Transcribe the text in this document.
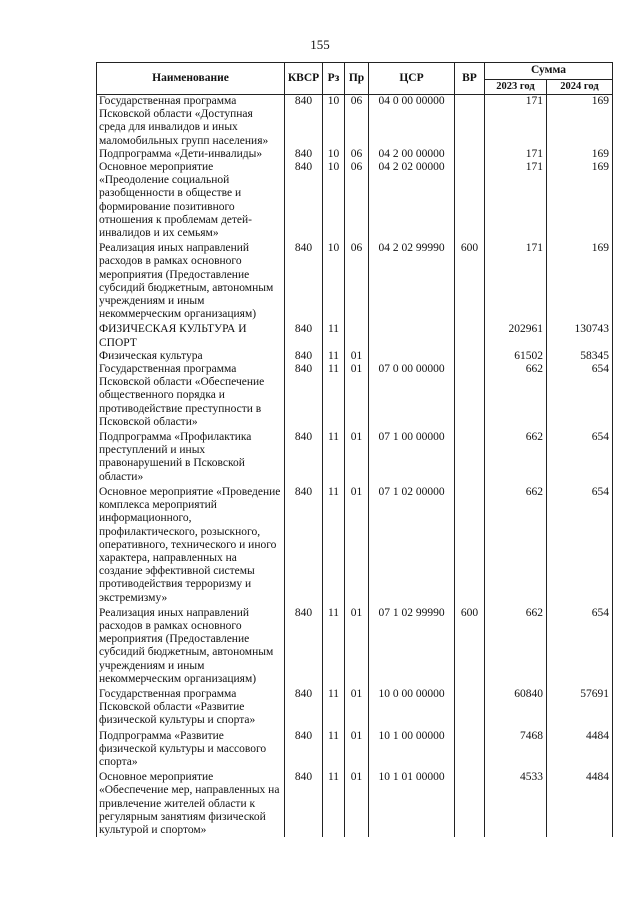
155
Наименование	КВСР	Рз	Пр	ЦСР	ВР	Сумма	
						2023 год	2024 год
Государственная программа Псковской области «Доступная среда для инвалидов и иных маломобильных групп населения»	840	10	06	04 0 00 00000		171	169
Подпрограмма «Дети-инвалиды»	840	10	06	04 2 00 00000		171	169
Основное мероприятие «Преодоление социальной разобщенности в обществе и формирование позитивного отношения к проблемам детей-инвалидов и их семьям»	840	10	06	04 2 02 00000		171	169
Реализация иных направлений расходов в рамках основного мероприятия (Предоставление субсидий бюджетным, автономным учреждениям и иным некоммерческим организациям)	840	10	06	04 2 02 99990	600	171	169
ФИЗИЧЕСКАЯ КУЛЬТУРА И СПОРТ	840	11				202961	130743
Физическая культура	840	11	01			61502	58345
Государственная программа Псковской области «Обеспечение общественного порядка и противодействие преступности в Псковской области»	840	11	01	07 0 00 00000		662	654
Подпрограмма «Профилактика преступлений и иных правонарушений в Псковской области»	840	11	01	07 1 00 00000		662	654
Основное мероприятие «Проведение комплекса мероприятий информационного, профилактического, розыскного, оперативного, технического и иного характера, направленных на создание эффективной системы противодействия терроризму и экстремизму»	840	11	01	07 1 02 00000		662	654
Реализация иных направлений расходов в рамках основного мероприятия (Предоставление субсидий бюджетным, автономным учреждениям и иным некоммерческим организациям)	840	11	01	07 1 02 99990	600	662	654
Государственная программа Псковской области «Развитие физической культуры и спорта»	840	11	01	10 0 00 00000		60840	57691
Подпрограмма «Развитие физической культуры и массового спорта»	840	11	01	10 1 00 00000		7468	4484
Основное мероприятие «Обеспечение мер, направленных на привлечение жителей области к регулярным занятиям физической культурой и спортом»	840	11	01	10 1 01 00000		4533	4484
